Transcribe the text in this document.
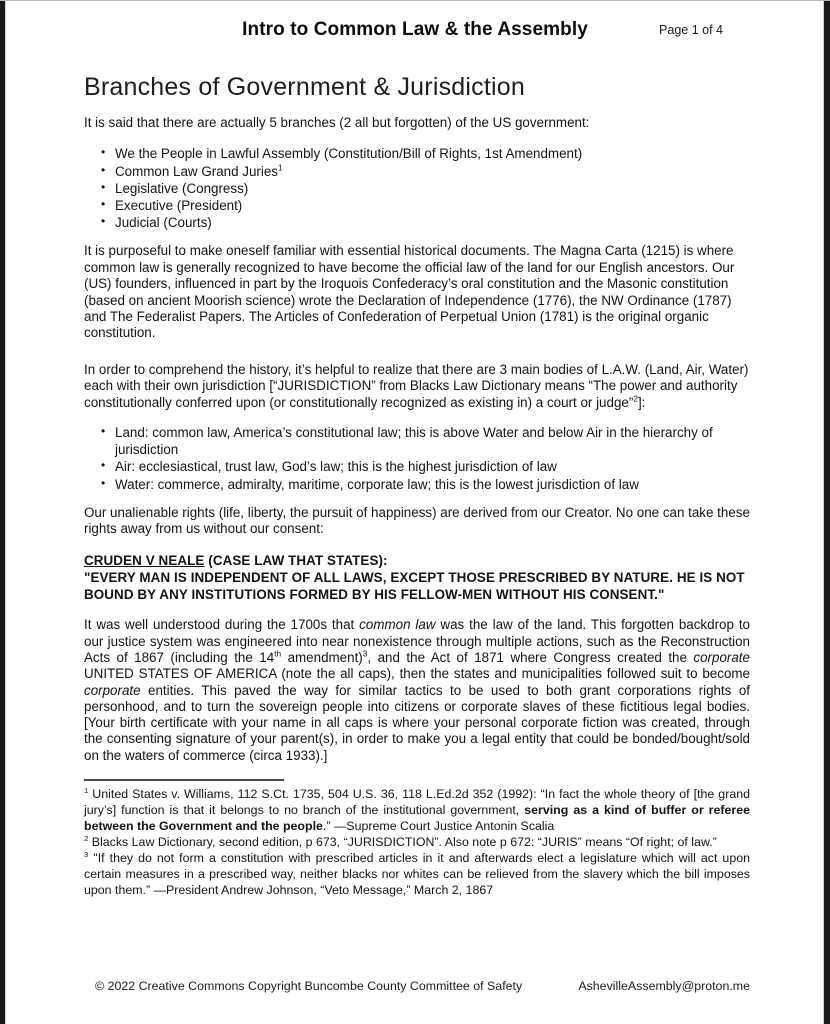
Intro to Common Law & the Assembly	Page 1 of 4
Branches of Government & Jurisdiction

It is said that there are actually 5 branches (2 all but forgotten) of the US government:

• We the People in Lawful Assembly (Constitution/Bill of Rights, 1st Amendment)
• Common Law Grand Juries$^1$
• Legislative (Congress)
• Executive (President)
• Judicial (Courts)

It is purposeful to make oneself familiar with essential historical documents. The Magna Carta (1215) is where common law is generally recognized to have become the official law of the land for our English ancestors. Our (US) founders, influenced in part by the Iroquois Confederacy’s oral constitution and the Masonic constitution (based on ancient Moorish science) wrote the Declaration of Independence (1776), the NW Ordinance (1787) and The Federalist Papers. The Articles of Confederation of Perpetual Union (1781) is the original organic constitution.

In order to comprehend the history, it’s helpful to realize that there are 3 main bodies of L.A.W. (Land, Air, Water) each with their own jurisdiction [“JURISDICTION” from Blacks Law Dictionary means “The power and authority constitutionally conferred upon (or constitutionally recognized as existing in) a court or judge”$^2$]:

• Land: common law, America’s constitutional law; this is above Water and below Air in the hierarchy of jurisdiction
• Air: ecclesiastical, trust law, God’s law; this is the highest jurisdiction of law
• Water: commerce, admiralty, maritime, corporate law; this is the lowest jurisdiction of law

Our unalienable rights (life, liberty, the pursuit of happiness) are derived from our Creator. No one can take these rights away from us without our consent:

CRUDEN V NEALE (CASE LAW THAT STATES):
"EVERY MAN IS INDEPENDENT OF ALL LAWS, EXCEPT THOSE PRESCRIBED BY NATURE. HE IS NOT BOUND BY ANY INSTITUTIONS FORMED BY HIS FELLOW-MEN WITHOUT HIS CONSENT."

It was well understood during the 1700s that common law was the law of the land. This forgotten backdrop to our justice system was engineered into near nonexistence through multiple actions, such as the Reconstruction Acts of 1867 (including the 14th amendment)$^3$, and the Act of 1871 where Congress created the corporate UNITED STATES OF AMERICA (note the all caps), then the states and municipalities followed suit to become corporate entities. This paved the way for similar tactics to be used to both grant corporations rights of personhood, and to turn the sovereign people into citizens or corporate slaves of these fictitious legal bodies. [Your birth certificate with your name in all caps is where your personal corporate fiction was created, through the consenting signature of your parent(s), in order to make you a legal entity that could be bonded/bought/sold on the waters of commerce (circa 1933).]

$^1$ United States v. Williams, 112 S.Ct. 1735, 504 U.S. 36, 118 L.Ed.2d 352 (1992): “In fact the whole theory of [the grand jury’s] function is that it belongs to no branch of the institutional government, serving as a kind of buffer or referee between the Government and the people.” —Supreme Court Justice Antonin Scalia

$^2$ Blacks Law Dictionary, second edition, p 673, “JURISDICTION”. Also note p 672: “JURIS” means “Of right; of law.”

$^3$ "If they do not form a constitution with prescribed articles in it and afterwards elect a legislature which will act upon certain measures in a prescribed way, neither blacks nor whites can be relieved from the slavery which the bill imposes upon them.” —President Andrew Johnson, “Veto Message,” March 2, 1867

© 2022 Creative Commons Copyright Buncombe County Committee of Safety	AshevilleAssembly@proton.me
